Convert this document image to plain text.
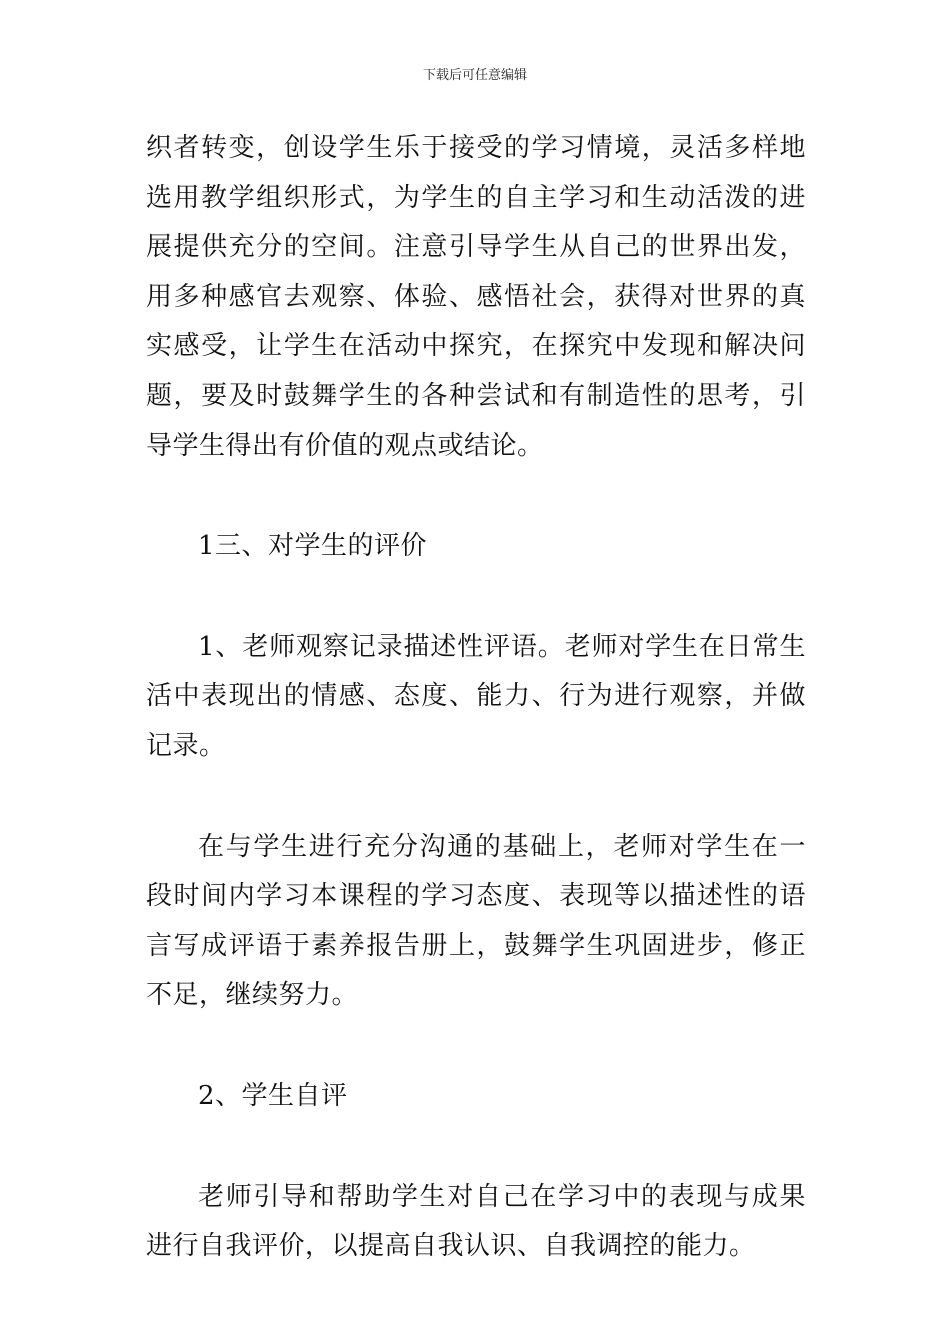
下载后可任意编辑

织者转变，创设学生乐于接受的学习情境，灵活多样地选用教学组织形式，为学生的自主学习和生动活泼的进展提供充分的空间。注意引导学生从自己的世界出发，用多种感官去观察、体验、感悟社会，获得对世界的真实感受，让学生在活动中探究，在探究中发现和解决问题，要及时鼓舞学生的各种尝试和有制造性的思考，引导学生得出有价值的观点或结论。

1三、对学生的评价

1、老师观察记录描述性评语。老师对学生在日常生活中表现出的情感、态度、能力、行为进行观察，并做记录。

在与学生进行充分沟通的基础上，老师对学生在一段时间内学习本课程的学习态度、表现等以描述性的语言写成评语于素养报告册上，鼓舞学生巩固进步，修正不足，继续努力。

2、学生自评

老师引导和帮助学生对自己在学习中的表现与成果进行自我评价，以提高自我认识、自我调控的能力。
